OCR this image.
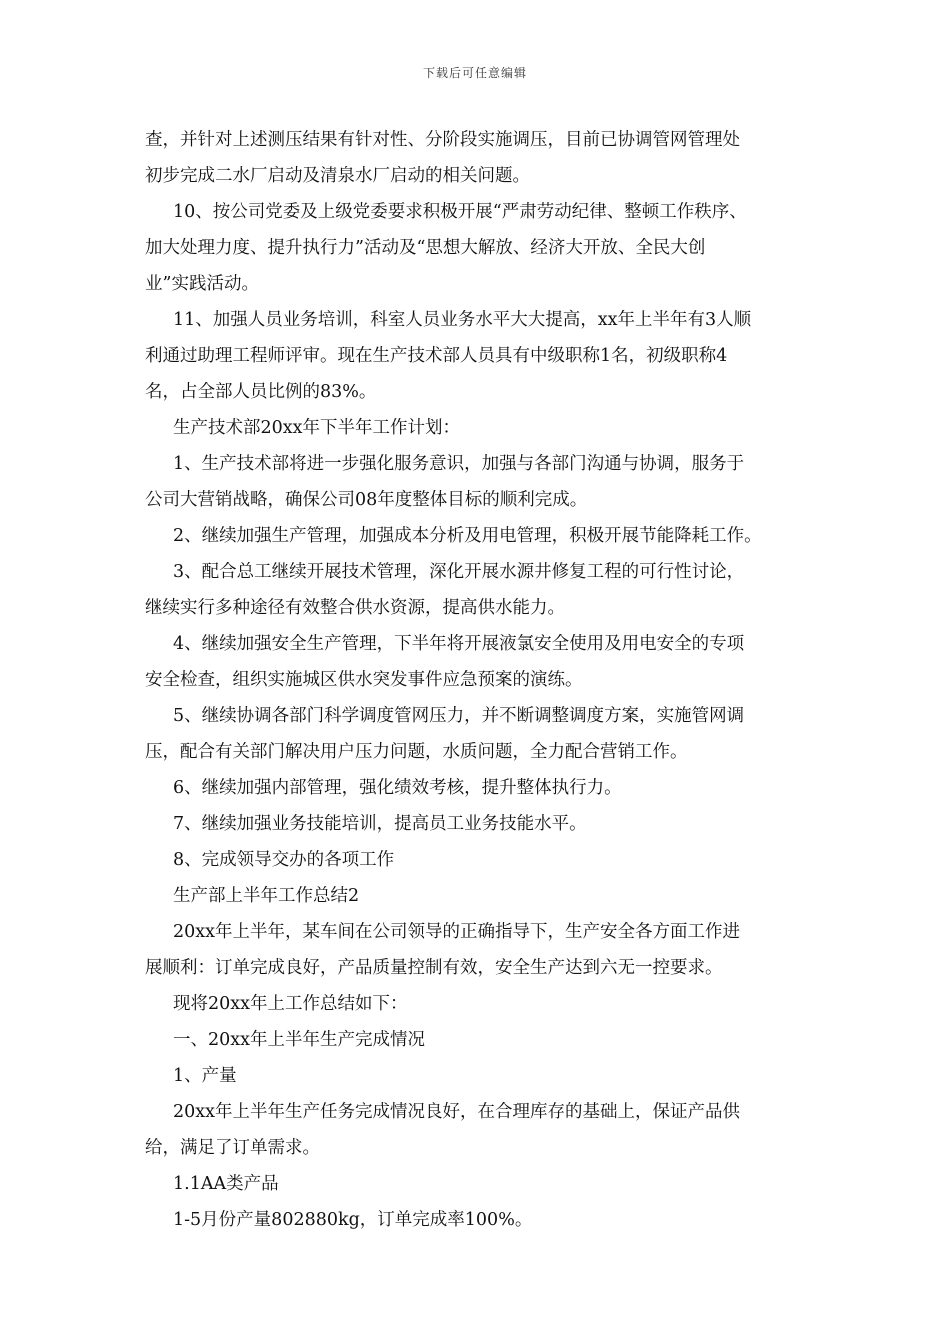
下载后可任意编辑
查，并针对上述测压结果有针对性、分阶段实施调压，目前已协调管网管理处
初步完成二水厂启动及清泉水厂启动的相关问题。
10、按公司党委及上级党委要求积极开展“严肃劳动纪律、整顿工作秩序、
加大处理力度、提升执行力”活动及“思想大解放、经济大开放、全民大创
业”实践活动。
11、加强人员业务培训，科室人员业务水平大大提高，xx年上半年有3人顺
利通过助理工程师评审。现在生产技术部人员具有中级职称1名，初级职称4
名，占全部人员比例的83%。
生产技术部20xx年下半年工作计划：
1、生产技术部将进一步强化服务意识，加强与各部门沟通与协调，服务于
公司大营销战略，确保公司08年度整体目标的顺利完成。
2、继续加强生产管理，加强成本分析及用电管理，积极开展节能降耗工作。
3、配合总工继续开展技术管理，深化开展水源井修复工程的可行性讨论，
继续实行多种途径有效整合供水资源，提高供水能力。
4、继续加强安全生产管理，下半年将开展液氯安全使用及用电安全的专项
安全检查，组织实施城区供水突发事件应急预案的演练。
5、继续协调各部门科学调度管网压力，并不断调整调度方案，实施管网调
压，配合有关部门解决用户压力问题，水质问题，全力配合营销工作。
6、继续加强内部管理，强化绩效考核，提升整体执行力。
7、继续加强业务技能培训，提高员工业务技能水平。
8、完成领导交办的各项工作
生产部上半年工作总结2
20xx年上半年，某车间在公司领导的正确指导下，生产安全各方面工作进
展顺利：订单完成良好，产品质量控制有效，安全生产达到六无一控要求。
现将20xx年上工作总结如下：
一、20xx年上半年生产完成情况
1、产量
20xx年上半年生产任务完成情况良好，在合理库存的基础上，保证产品供
给，满足了订单需求。
1.1AA类产品
1-5月份产量802880kg，订单完成率100%。
